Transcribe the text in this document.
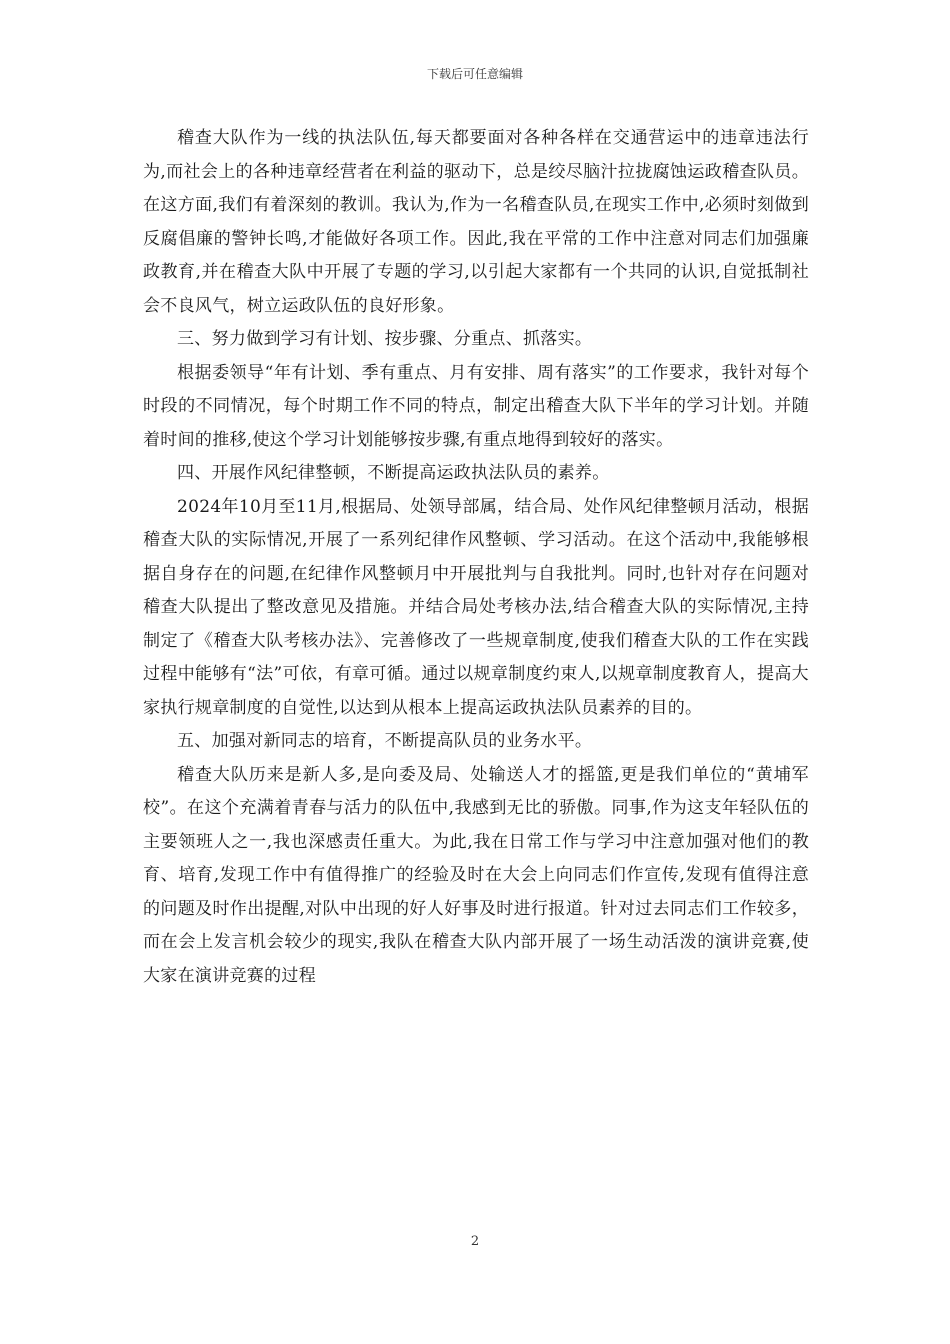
下载后可任意编辑

稽查大队作为一线的执法队伍,每天都要面对各种各样在交通营运中的违章违法行为,而社会上的各种违章经营者在利益的驱动下，总是绞尽脑汁拉拢腐蚀运政稽查队员。在这方面,我们有着深刻的教训。我认为,作为一名稽查队员,在现实工作中,必须时刻做到反腐倡廉的警钟长鸣,才能做好各项工作。因此,我在平常的工作中注意对同志们加强廉政教育,并在稽查大队中开展了专题的学习,以引起大家都有一个共同的认识,自觉抵制社会不良风气，树立运政队伍的良好形象。

三、努力做到学习有计划、按步骤、分重点、抓落实。

根据委领导“年有计划、季有重点、月有安排、周有落实”的工作要求，我针对每个时段的不同情况，每个时期工作不同的特点，制定出稽查大队下半年的学习计划。并随着时间的推移,使这个学习计划能够按步骤,有重点地得到较好的落实。

四、开展作风纪律整顿，不断提高运政执法队员的素养。

2024年10月至11月,根据局、处领导部属，结合局、处作风纪律整顿月活动，根据稽查大队的实际情况,开展了一系列纪律作风整顿、学习活动。在这个活动中,我能够根据自身存在的问题,在纪律作风整顿月中开展批判与自我批判。同时,也针对存在问题对稽查大队提出了整改意见及措施。并结合局处考核办法,结合稽查大队的实际情况,主持制定了《稽查大队考核办法》、完善修改了一些规章制度,使我们稽查大队的工作在实践过程中能够有“法”可依，有章可循。通过以规章制度约束人,以规章制度教育人，提高大家执行规章制度的自觉性,以达到从根本上提高运政执法队员素养的目的。

五、加强对新同志的培育，不断提高队员的业务水平。

稽查大队历来是新人多,是向委及局、处输送人才的摇篮,更是我们单位的“黄埔军校”。在这个充满着青春与活力的队伍中,我感到无比的骄傲。同事,作为这支年轻队伍的主要领班人之一,我也深感责任重大。为此,我在日常工作与学习中注意加强对他们的教育、培育,发现工作中有值得推广的经验及时在大会上向同志们作宣传,发现有值得注意的问题及时作出提醒,对队中出现的好人好事及时进行报道。针对过去同志们工作较多，而在会上发言机会较少的现实,我队在稽查大队内部开展了一场生动活泼的演讲竞赛,使大家在演讲竞赛的过程

2
